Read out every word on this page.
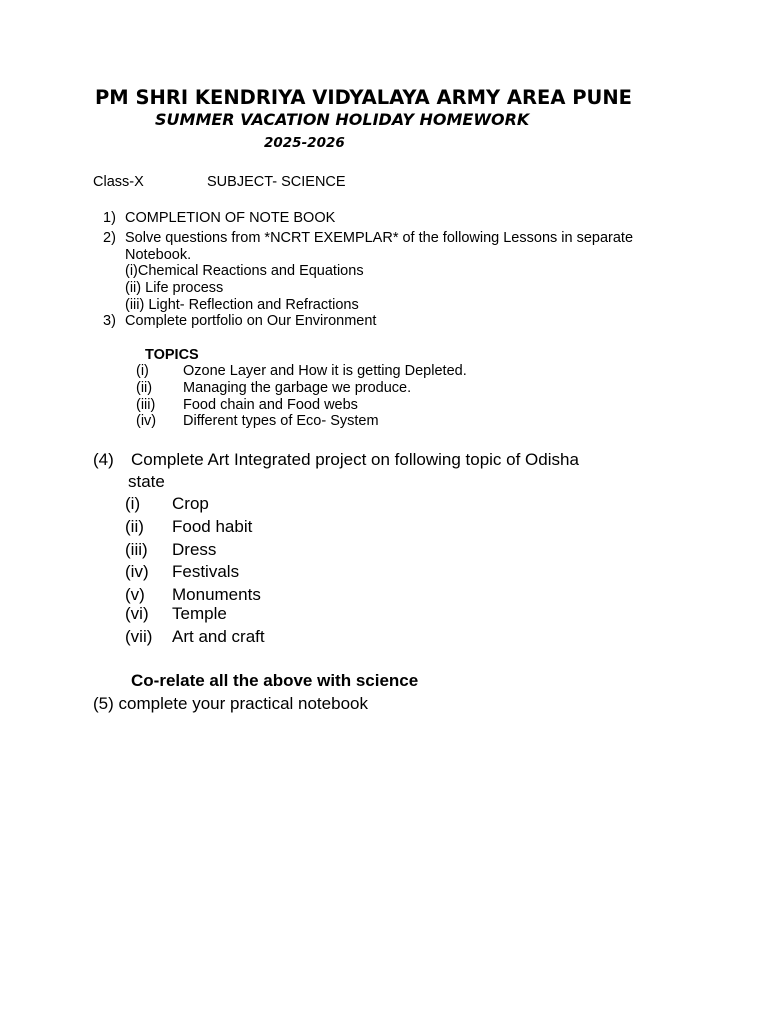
PM SHRI KENDRIYA VIDYALAYA ARMY AREA PUNE
SUMMER VACATION HOLIDAY HOMEWORK
2025-2026
Class-X	SUBJECT- SCIENCE
1) COMPLETION OF NOTE BOOK
2) Solve questions from *NCRT EXEMPLAR* of the following Lessons in separate
Notebook.
(i)Chemical Reactions and Equations
(ii) Life process
(iii) Light- Reflection and Refractions
3) Complete portfolio on Our Environment
TOPICS
(i) Ozone Layer and How it is getting Depleted.
(ii) Managing the garbage we produce.
(iii) Food chain and Food webs
(iv) Different types of Eco- System
(4) Complete Art Integrated project on following topic of Odisha
state
(i) Crop
(ii) Food habit
(iii) Dress
(iv) Festivals
(v) Monuments
(vi) Temple
(vii) Art and craft
Co-relate all the above with science
(5) complete your practical notebook
